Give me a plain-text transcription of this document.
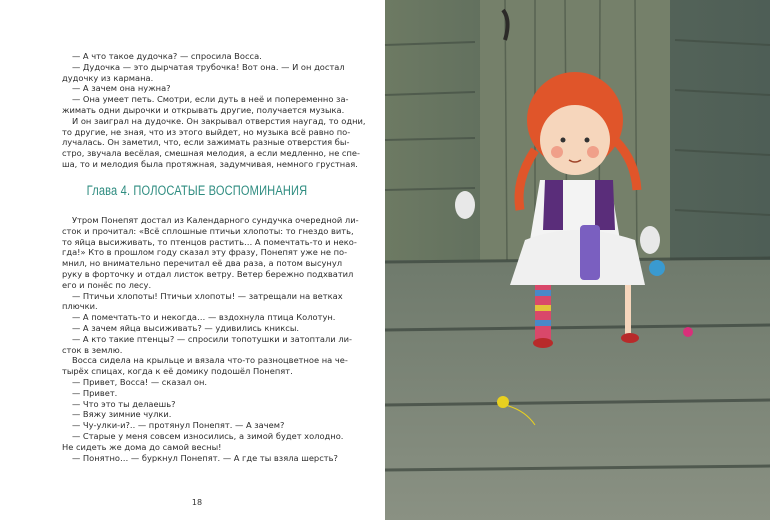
— А что такое дудочка? — спросила Восса.
— Дудочка — это дырчатая трубочка! Вот она. — И он достал
дудочку из кармана.
— А зачем она нужна?
— Она умеет петь. Смотри, если дуть в неё и попеременно за-
жимать одни дырочки и открывать другие, получается музыка.
И он заиграл на дудочке. Он закрывал отверстия наугад, то одни,
то другие, не зная, что из этого выйдет, но музыка всё равно по-
лучалась. Он заметил, что, если зажимать разные отверстия бы-
стро, звучала весёлая, смешная мелодия, а если медленно, не спе-
ша, то и мелодия была протяжная, задумчивая, немного грустная.
Глава 4. ПОЛОСАТЫЕ ВОСПОМИНАНИЯ
Утром Понепят достал из Календарного сундучка очередной ли-
сток и прочитал: «Всё сплошные птичьи хлопоты: то гнездо вить,
то яйца высиживать, то птенцов растить… А помечтать-то и неко-
гда!» Кто в прошлом году сказал эту фразу, Понепят уже не по-
мнил, но внимательно перечитал её два раза, а потом высунул
руку в форточку и отдал листок ветру. Ветер бережно подхватил
его и понёс по лесу.
— Птичьи хлопоты! Птичьи хлопоты! — затрещали на ветках
плючки.
— А помечтать-то и некогда… — вздохнула птица Колотун.
— А зачем яйца высиживать? — удивились книксы.
— А кто такие птенцы? — спросили топотушки и затоптали ли-
сток в землю.
Восса сидела на крыльце и вязала что-то разноцветное на че-
тырёх спицах, когда к её домику подошёл Понепят.
— Привет, Восса! — сказал он.
— Привет.
— Что это ты делаешь?
— Вяжу зимние чулки.
— Чу-улки-и?.. — протянул Понепят. — А зачем?
— Старые у меня совсем износились, а зимой будет холодно.
Не сидеть же дома до самой весны!
— Понятно… — буркнул Понепят. — А где ты взяла шерсть?
18
